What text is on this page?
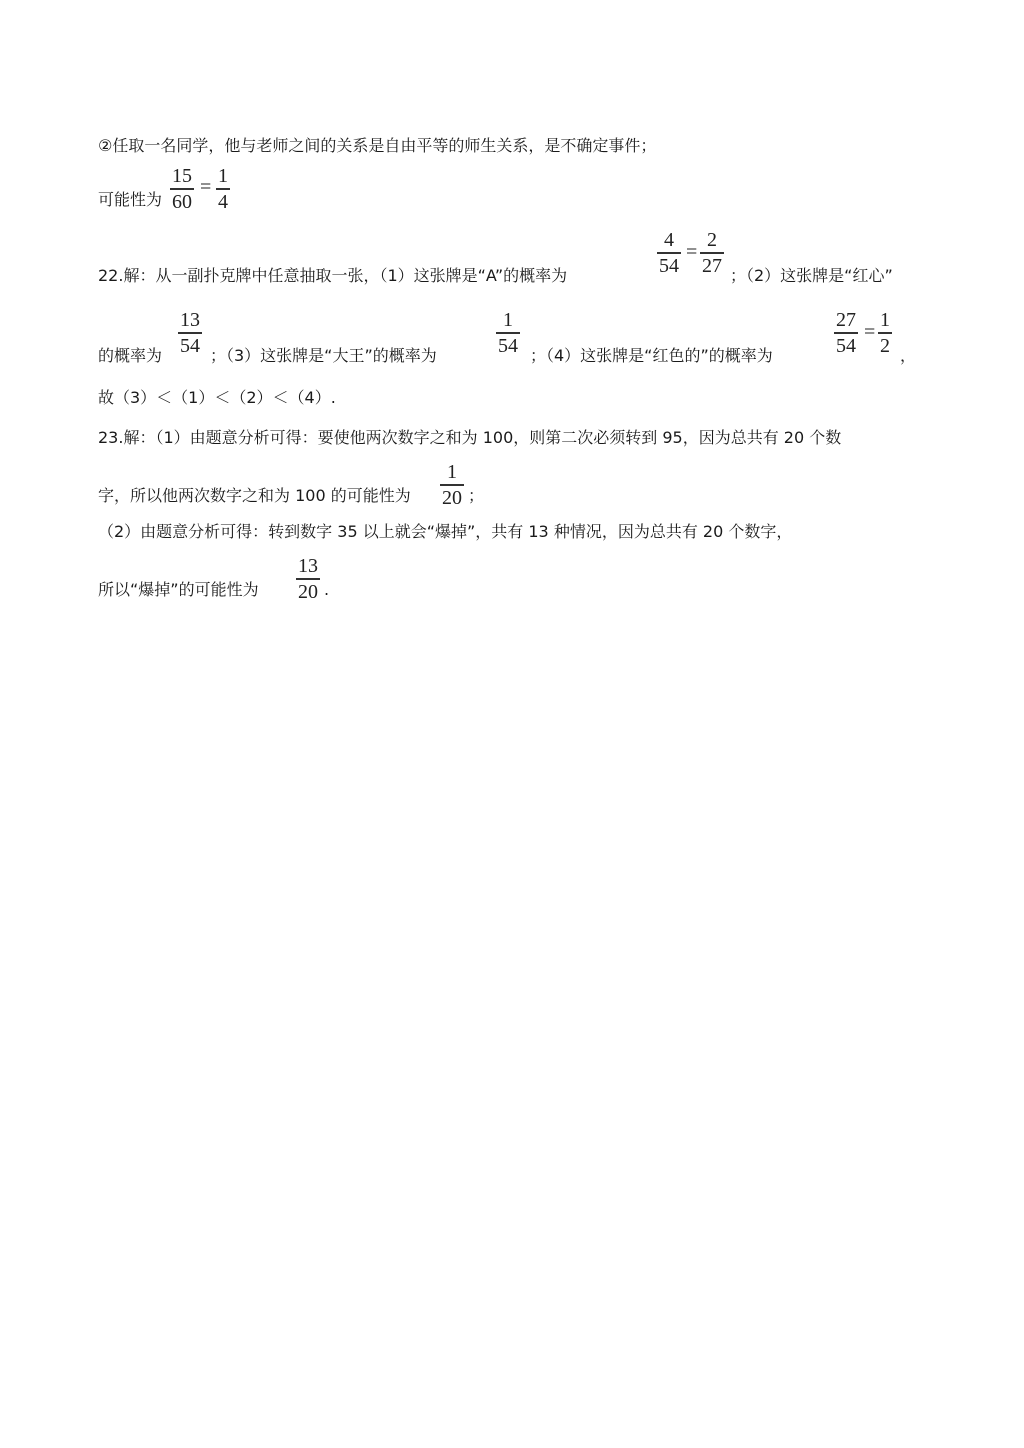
②任取一名同学，他与老师之间的关系是自由平等的师生关系，是不确定事件；
可能性为
15
60
= 1
4
22.解：从一副扑克牌中任意抽取一张，（1）这张牌是“A”的概率为
4
54
=
2
27 ；（2）这张牌是“红心”
的概率为
13
54 ；（3）这张牌是“大王”的概率为
1
54 ；（4）这张牌是“红色的”的概率为
27
54
=
1
2 ，
故（3）＜（1）＜（2）＜（4）.
23.解：（1）由题意分析可得：要使他两次数字之和为 100，则第二次必须转到 95，因为总共有 20 个数
字，所以他两次数字之和为 100 的可能性为
1
20 ；
（2）由题意分析可得：转到数字 35 以上就会“爆掉”，共有 13 种情况，因为总共有 20 个数字，
所以“爆掉”的可能性为
13
20 .
